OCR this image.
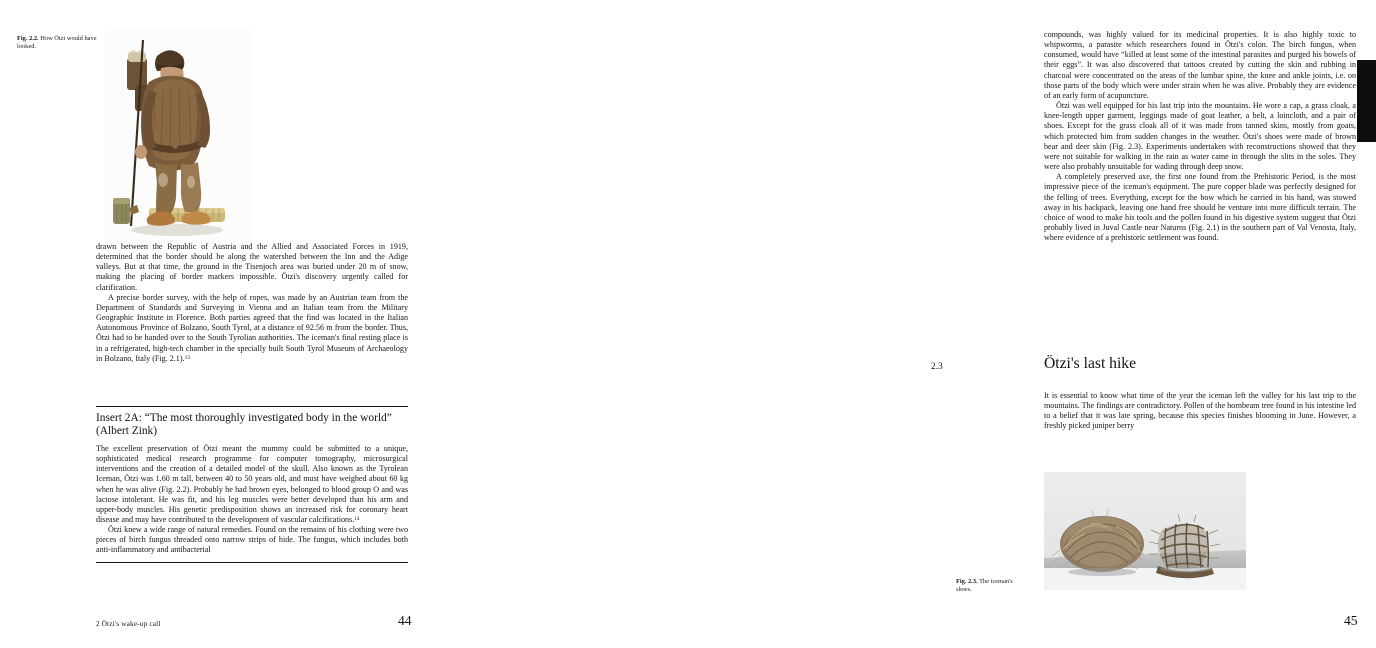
Fig. 2.2. How Ötzi would have looked.

drawn between the Republic of Austria and the Allied and Associated Forces in 1919, determined that the border should be along the watershed between the Inn and the Adige valleys. But at that time, the ground in the Tisenjoch area was buried under 20 m of snow, making the placing of border markers impossible. Ötzi's discovery urgently called for clarification.

A precise border survey, with the help of ropes, was made by an Austrian team from the Department of Standards and Surveying in Vienna and an Italian team from the Military Geographic Institute in Florence. Both parties agreed that the find was located in the Italian Autonomous Province of Bolzano, South Tyrol, at a distance of 92.56 m from the border. Thus, Ötzi had to be handed over to the South Tyrolian authorities. The iceman's final resting place is in a refrigerated, high-tech chamber in the specially built South Tyrol Museum of Archaeology in Bolzano, Italy (Fig. 2.1).$^{13}$

Insert 2A: “The most thoroughly investigated body in the world” (Albert Zink)

The excellent preservation of Ötzi meant the mummy could be submitted to a unique, sophisticated medical research programme for computer tomography, microsurgical interventions and the creation of a detailed model of the skull. Also known as the Tyrolean Iceman, Ötzi was 1.60 m tall, between 40 to 50 years old, and must have weighed about 60 kg when he was alive (Fig. 2.2). Probably he had brown eyes, belonged to blood group O and was lactose intolerant. He was fit, and his leg muscles were better developed than his arm and upper-body muscles. His genetic predisposition shows an increased risk for coronary heart disease and may have contributed to the development of vascular calcifications.$^{14}$

Ötzi knew a wide range of natural remedies. Found on the remains of his clothing were two pieces of birch fungus threaded onto narrow strips of hide. The fungus, which includes both anti-inflammatory and antibacterial

2 Ötzi's wake-up call	44

compounds, was highly valued for its medicinal properties. It is also highly toxic to whipworms, a parasite which researchers found in Ötzi's colon. The birch fungus, when consumed, would have “killed at least some of the intestinal parasites and purged his bowels of their eggs”. It was also discovered that tattoos created by cutting the skin and rubbing in charcoal were concentrated on the areas of the lumbar spine, the knee and ankle joints, i.e. on those parts of the body which were under strain when he was alive. Probably they are evidence of an early form of acupuncture.

Ötzi was well equipped for his last trip into the mountains. He wore a cap, a grass cloak, a knee-length upper garment, leggings made of goat leather, a belt, a loincloth, and a pair of shoes. Except for the grass cloak all of it was made from tanned skins, mostly from goats, which protected him from sudden changes in the weather. Ötzi's shoes were made of brown bear and deer skin (Fig. 2.3). Experiments undertaken with reconstructions showed that they were not suitable for walking in the rain as water came in through the slits in the soles. They were also probably unsuitable for wading through deep snow.

A completely preserved axe, the first one found from the Prehistoric Period, is the most impressive piece of the iceman's equipment. The pure copper blade was perfectly designed for the felling of trees. Everything, except for the bow which he carried in his hand, was stowed away in his backpack, leaving one hand free should he venture into more difficult terrain. The choice of wood to make his tools and the pollen found in his digestive system suggest that Ötzi probably lived in Juval Castle near Naturns (Fig. 2.1) in the southern part of Val Venosta, Italy, where evidence of a prehistoric settlement was found.

2.3	Ötzi's last hike

It is essential to know what time of the year the iceman left the valley for his last trip to the mountains. The findings are contradictory. Pollen of the hornbeam tree found in his intestine led to a belief that it was late spring, because this species finishes blooming in June. However, a freshly picked juniper berry

Fig. 2.3. The iceman's shoes.
45
